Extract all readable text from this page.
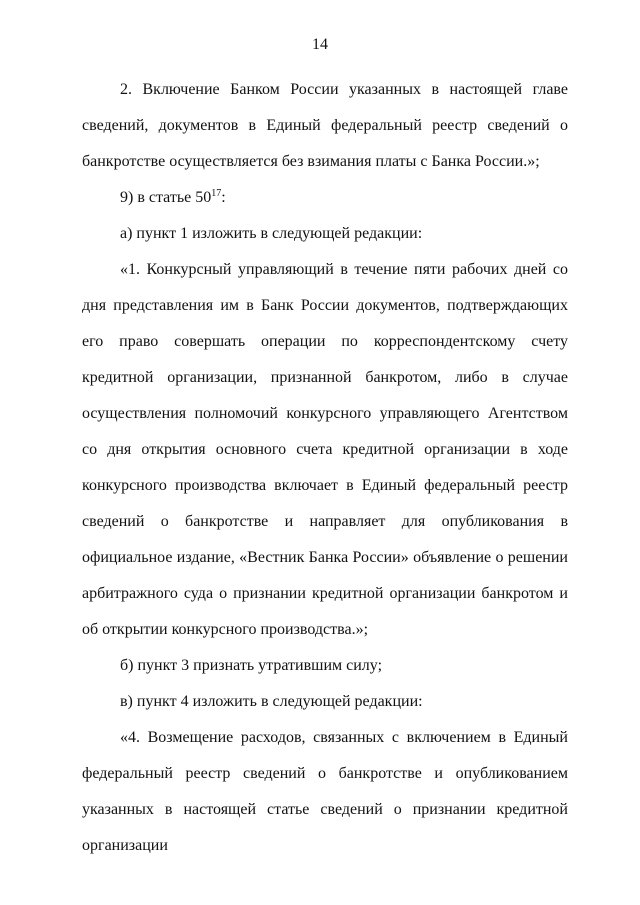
14

2. Включение Банком России указанных в настоящей главе сведений, документов в Единый федеральный реестр сведений о банкротстве осуществляется без взимания платы с Банка России.»;

9) в статье $50^{17}$:

а) пункт 1 изложить в следующей редакции:

«1. Конкурсный управляющий в течение пяти рабочих дней со дня представления им в Банк России документов, подтверждающих его право совершать операции по корреспондентскому счету кредитной организации, признанной банкротом, либо в случае осуществления полномочий конкурсного управляющего Агентством со дня открытия основного счета кредитной организации в ходе конкурсного производства включает в Единый федеральный реестр сведений о банкротстве и направляет для опубликования в официальное издание, «Вестник Банка России» объявление о решении арбитражного суда о признании кредитной организации банкротом и об открытии конкурсного производства.»;

б) пункт 3 признать утратившим силу;

в) пункт 4 изложить в следующей редакции:

«4. Возмещение расходов, связанных с включением в Единый федеральный реестр сведений о банкротстве и опубликованием указанных в настоящей статье сведений о признании кредитной организации
